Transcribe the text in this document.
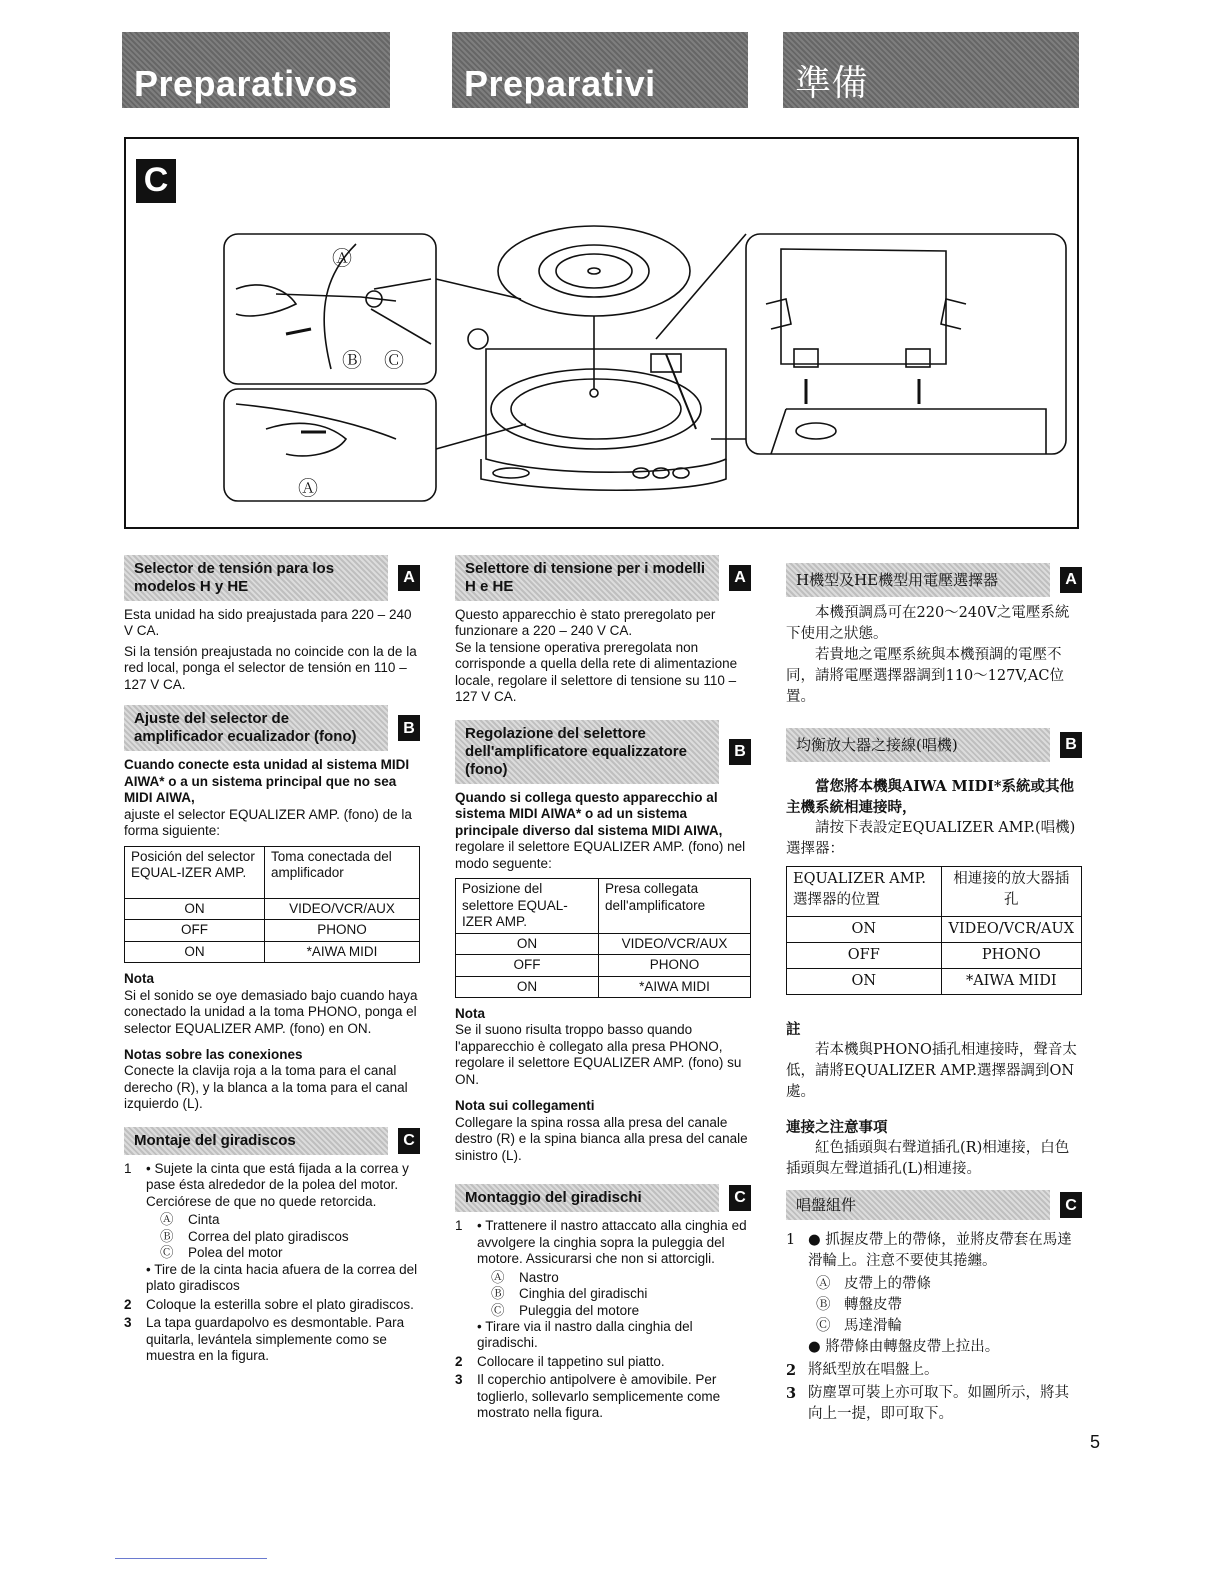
Preparativos	Preparativi	準備
C
Ⓐ
Ⓑ Ⓒ
Ⓐ
Selector de tensión para los modelos H y HE
A

Esta unidad ha sido preajustada para 220 – 240 V CA.

Si la tensión preajustada no coincide con la de la red local, ponga el selector de tensión en 110 – 127 V CA.

Ajuste del selector de amplificador ecualizador (fono)
B

Cuando conecte esta unidad al sistema MIDI AIWA* o a un sistema principal que no sea MIDI AIWA,

ajuste el selector EQUALIZER AMP. (fono) de la forma siguiente:

Posición del selector EQUAL-IZER AMP.	Toma conectada del amplificador
ON	VIDEO/VCR/AUX
OFF	PHONO
ON	*AIWA MIDI

Nota

Si el sonido se oye demasiado bajo cuando haya conectado la unidad a la toma PHONO, ponga el selector EQUALIZER AMP. (fono) en ON.

Notas sobre las conexiones

Conecte la clavija roja a la toma para el canal derecho (R), y la blanca a la toma para el canal izquierdo (L).

Montaje del giradiscos	C
1	• Sujete la cinta que está fijada a la correa y pase ésta alrededor de la polea del motor. Cerciórese de que no quede retorcida.
Ⓐ Cinta
Ⓑ Correa del plato giradiscos
Ⓒ Polea del motor
• Tire de la cinta hacia afuera de la correa del plato giradiscos
2	Coloque la esterilla sobre el plato giradiscos.
3	La tapa guardapolvo es desmontable. Para quitarla, levántela simplemente como se muestra en la figura.
Selettore di tensione per i modelli H e HE
A

Questo apparecchio è stato preregolato per funzionare a 220 – 240 V CA.

Se la tensione operativa preregolata non corrisponde a quella della rete di alimentazione locale, regolare il selettore di tensione su 110 – 127 V CA.

Regolazione del selettore dell'amplificatore equalizzatore (fono)
B

Quando si collega questo apparecchio al sistema MIDI AIWA* o ad un sistema principale diverso dal sistema MIDI AIWA,

regolare il selettore EQUALIZER AMP. (fono) nel modo seguente:

Posizione del selettore EQUAL-IZER AMP.	Presa collegata dell'amplificatore
ON	VIDEO/VCR/AUX
OFF	PHONO
ON	*AIWA MIDI

Nota

Se il suono risulta troppo basso quando l'apparecchio è collegato alla presa PHONO, regolare il selettore EQUALIZER AMP. (fono) su ON.

Nota sui collegamenti

Collegare la spina rossa alla presa del canale destro (R) e la spina bianca alla presa del canale sinistro (L).

Montaggio del giradischi	C
1	• Trattenere il nastro attaccato alla cinghia ed avvolgere la cinghia sopra la puleggia del motore. Assicurarsi che non si attorcigli.
Ⓐ Nastro
Ⓑ Cinghia del giradischi
Ⓒ Puleggia del motore
• Tirare via il nastro dalla cinghia del giradischi.
2	Collocare il tappetino sul piatto.
3	Il coperchio antipolvere è amovibile. Per toglierlo, sollevarlo semplicemente come mostrato nella figura.
H機型及HE機型用電壓選擇器	A

本機預調爲可在220～240V之電壓系統下使用之狀態。

若貴地之電壓系統與本機預調的電壓不同，請將電壓選擇器調到110～127V,AC位置。

均衡放大器之接線(唱機)	B

當您將本機與AIWA MIDI*系統或其他主機系統相連接時，

請按下表設定EQUALIZER AMP.(唱機)選擇器：

EQUALIZER AMP. 選擇器的位置	相連接的放大器插孔
ON	VIDEO/VCR/AUX
OFF	PHONO
ON	*AIWA MIDI

註

若本機與PHONO插孔相連接時，聲音太低，請將EQUALIZER AMP.選擇器調到ON處。

連接之注意事項

紅色插頭與右聲道插孔(R)相連接，白色插頭與左聲道插孔(L)相連接。

唱盤組件	C
1 ● 抓握皮帶上的帶條，並將皮帶套在馬達滑輪上。注意不要使其捲纏。
Ⓐ 皮帶上的帶條
Ⓑ 轉盤皮帶
Ⓒ 馬達滑輪
● 將帶條由轉盤皮帶上拉出。
2 將紙型放在唱盤上。
3 防塵罩可裝上亦可取下。如圖所示，將其向上一提，即可取下。
5
